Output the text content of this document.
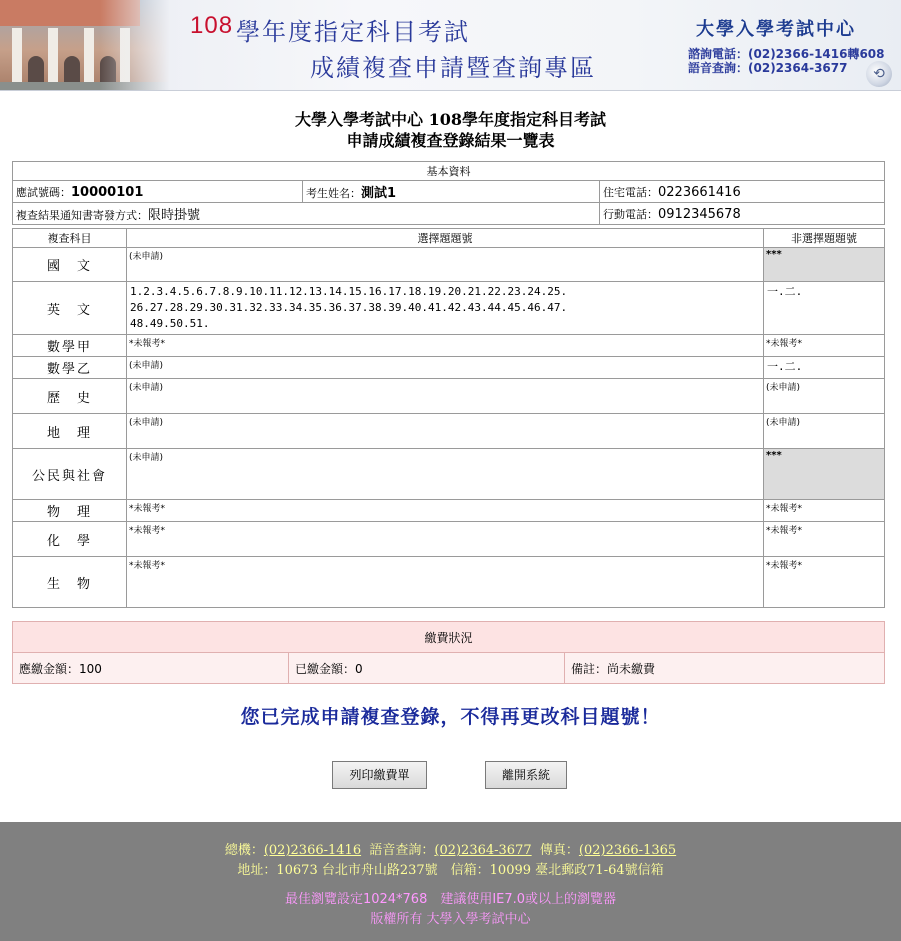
108 學年度指定科目考試
成績複查申請暨查詢專區
大學入學考試中心
諮詢電話：(02)2366-1416轉608
語音查詢：(02)2364-3677	⟲
大學入學考試中心 108學年度指定科目考試
申請成績複查登錄結果一覽表
基本資料		
應試號碼：10000101	考生姓名：測試1	住宅電話：0223661416
複查結果通知書寄發方式：限時掛號		行動電話：0912345678
複查科目	選擇題題號	非選擇題題號
國　文	(未申請)	***
英　文	1.2.3.4.5.6.7.8.9.10.11.12.13.14.15.16.17.18.19.20.21.22.23.24.25.
26.27.28.29.30.31.32.33.34.35.36.37.38.39.40.41.42.43.44.45.46.47.
48.49.50.51.	一.二.
數學甲	*未報考*	*未報考*
數學乙	(未申請)	一.二.
歷　史	(未申請)	(未申請)
地　理	(未申請)	(未申請)
公民與社會	(未申請)	***
物　理	*未報考*	*未報考*
化　學	*未報考*	*未報考*
生　物	*未報考*	*未報考*
繳費狀況
應繳金額：100	已繳金額：0	備註：尚未繳費
您已完成申請複查登錄，不得再更改科目題號！
列印繳費單	離開系統
總機：(02)2366-1416 語音查詢：(02)2364-3677 傳真：(02)2366-1365
地址：10673 台北市舟山路237號　信箱：10099 臺北郵政71-64號信箱
最佳瀏覽設定1024*768　建議使用IE7.0或以上的瀏覽器
版權所有 大學入學考試中心
